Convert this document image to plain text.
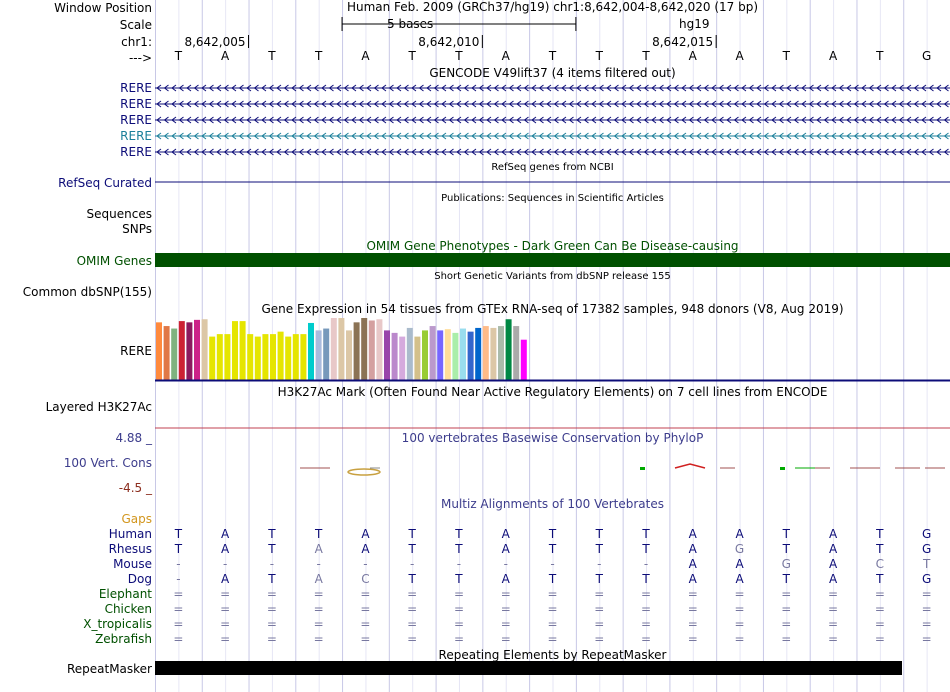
Window Position
Scale
chr1:
--->
RERE
RERE
RERE
RERE
RERE
RefSeq Curated
Sequences
SNPs
OMIM Genes
Common dbSNP(155)
RERE
Layered H3K27Ac
100 Vert. Cons
4.88 _
-4.5 _
Gaps
Human
Rhesus
Mouse
Dog
Elephant
Chicken
X_tropicalis
Zebrafish
RepeatMasker
Human Feb. 2009 (GRCh37/hg19) chr1:8,642,004-8,642,020 (17 bp)
5 bases	hg19
8,642,005	8,642,010	8,642,015
T	A	T	T	A	T	T	A	T	T	T	A	A	T	A	T	G
GENCODE V49lift37 (4 items filtered out)
RefSeq genes from NCBI
Publications: Sequences in Scientific Articles
OMIM Gene Phenotypes - Dark Green Can Be Disease-causing
Short Genetic Variants from dbSNP release 155
Gene Expression in 54 tissues from GTEx RNA-seq of 17382 samples, 948 donors (V8, Aug 2019)
H3K27Ac Mark (Often Found Near Active Regulatory Elements) on 7 cell lines from ENCODE
100 vertebrates Basewise Conservation by PhyloP
Multiz Alignments of 100 Vertebrates
T	A	T	T	A	T	T	A	T	T	T	A	A	T	A	T	G
T	A	T	A	A	T	T	A	T	T	T	A	G	T	A	T	G
-	-	-	-	-	-	-	-	-	-	-	A	A	G	A	C	T
-	A	T	A	C	T	T	A	T	T	T	A	A	T	A	T	G
=	=	=	=	=	=	=	=	=	=	=	=	=	=	=	=	=
=	=	=	=	=	=	=	=	=	=	=	=	=	=	=	=	=
=	=	=	=	=	=	=	=	=	=	=	=	=	=	=	=	=
=	=	=	=	=	=	=	=	=	=	=	=	=	=	=	=	=
Repeating Elements by RepeatMasker
